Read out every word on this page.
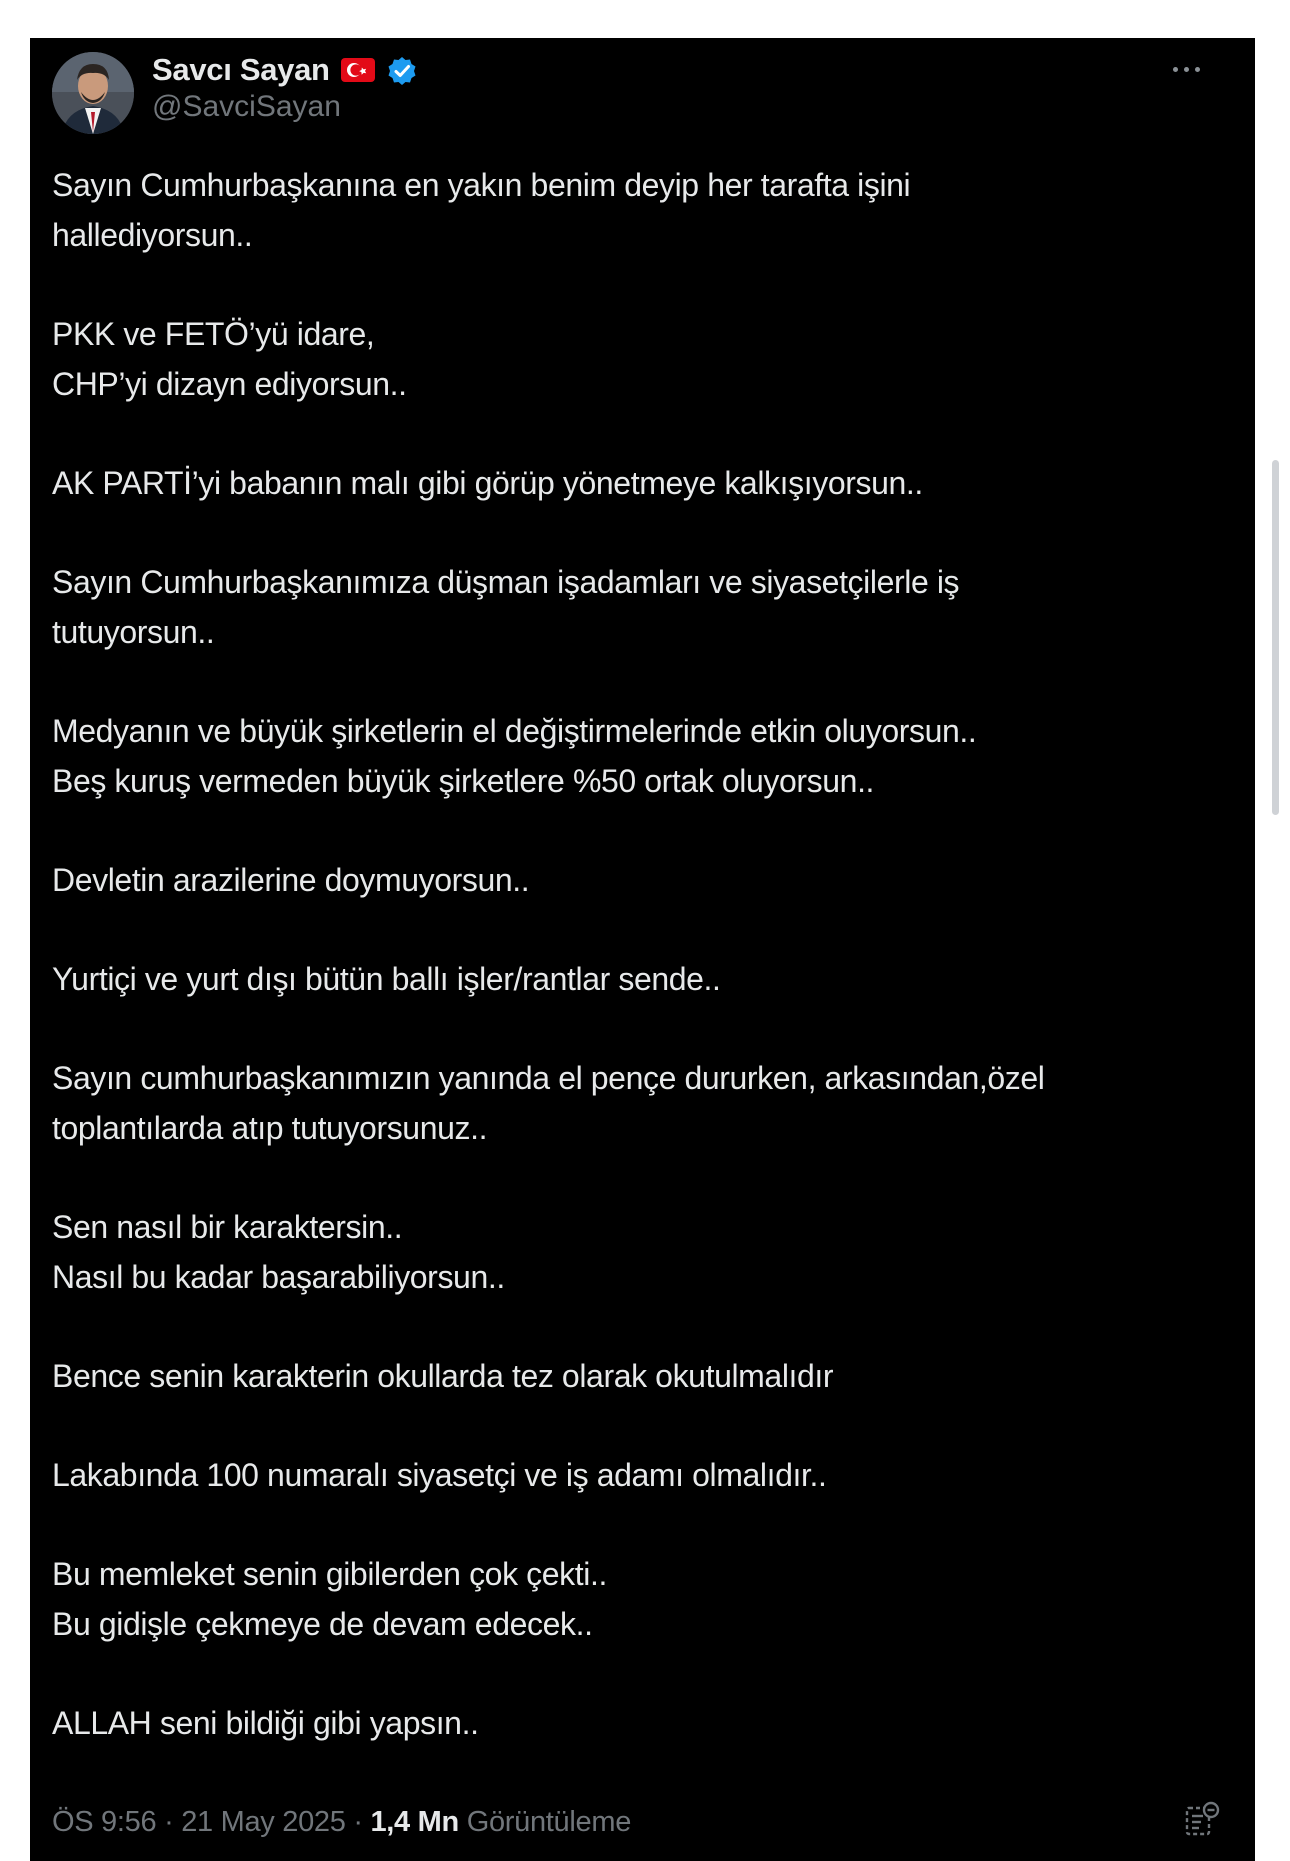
Savcı Sayan
@SavciSayan
Sayın Cumhurbaşkanına en yakın benim deyip her tarafta işini
hallediyorsun..
PKK ve FETÖ’yü idare,
CHP’yi dizayn ediyorsun..
AK PARTİ’yi babanın malı gibi görüp yönetmeye kalkışıyorsun..
Sayın Cumhurbaşkanımıza düşman işadamları ve siyasetçilerle iş
tutuyorsun..
Medyanın ve büyük şirketlerin el değiştirmelerinde etkin oluyorsun..
Beş kuruş vermeden büyük şirketlere %50 ortak oluyorsun..
Devletin arazilerine doymuyorsun..
Yurtiçi ve yurt dışı bütün ballı işler/rantlar sende..
Sayın cumhurbaşkanımızın yanında el pençe dururken, arkasından,özel
toplantılarda atıp tutuyorsunuz..
Sen nasıl bir karaktersin..
Nasıl bu kadar başarabiliyorsun..
Bence senin karakterin okullarda tez olarak okutulmalıdır
Lakabında 100 numaralı siyasetçi ve iş adamı olmalıdır..
Bu memleket senin gibilerden çok çekti..
Bu gidişle çekmeye de devam edecek..
ALLAH seni bildiği gibi yapsın..
ÖS 9:56 · 21 May 2025 · 1,4 Mn Görüntüleme
